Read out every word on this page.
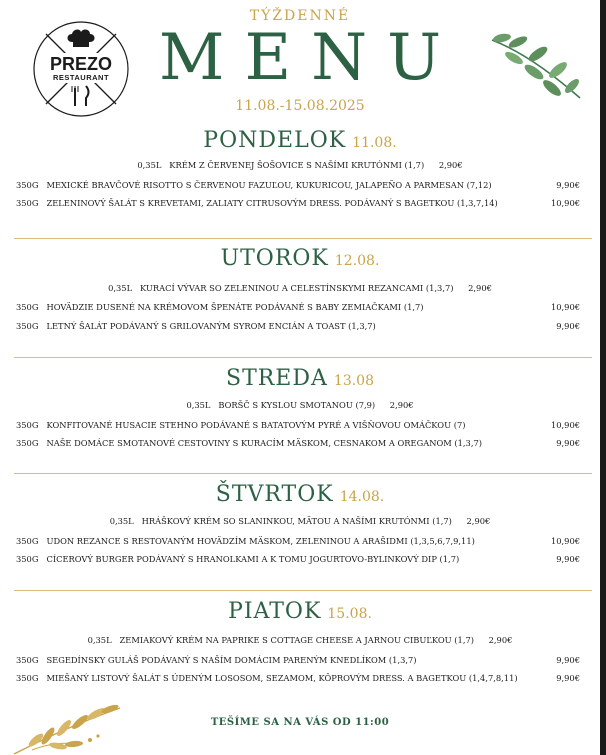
PREZO
RESTAURANT
TÝŽDENNÉ
MENU
11.08.-15.08.2025
PONDELOK 11.08.
0,35L KRÉM Z ČERVENEJ ŠOŠOVICE S NAŠÍMI KRUTÓNMI (1,7) 2,90€
350G MEXICKÉ BRAVČOVÉ RISOTTO S ČERVENOU FAZUĽOU, KUKURICOU, JALAPEÑO A PARMESAN (7,12)	9,90€
350G ZELENINOVÝ ŠALÁT S KREVETAMI, ZALIATY CITRUSOVÝM DRESS. PODÁVANÝ S BAGETKOU (1,3,7,14)	10,90€
UTOROK 12.08.
0,35L KURACÍ VÝVAR SO ZELENINOU A CELESTÍNSKYMI REZANCAMI (1,3,7) 2,90€
350G HOVÄDZIE DUSENÉ NA KRÉMOVOM ŠPENÁTE PODÁVANÉ S BABY ZEMIAČKAMI (1,7)	10,90€
350G LETNÝ ŠALÁT PODÁVANÝ S GRILOVANÝM SYROM ENCIÁN A TOAST (1,3,7)	9,90€
STREDA 13.08
0,35L BORŠČ S KYSLOU SMOTANOU (7,9) 2,90€
350G KONFITOVANÉ HUSACIE STEHNO PODÁVANÉ S BATATOVÝM PYRÉ A VIŠŇOVOU OMÁČKOU (7)	10,90€
350G NAŠE DOMÁCE SMOTANOVÉ CESTOVINY S KURACÍM MÄSKOM, CESNAKOM A OREGANOM (1,3,7)	9,90€
ŠTVRTOK 14.08.
0,35L HRÁŠKOVÝ KRÉM SO SLANINKOU, MÄTOU A NAŠÍMI KRUTÓNMI (1,7) 2,90€
350G UDON REZANCE S RESTOVANÝM HOVÄDZÍM MÄSKOM, ZELENINOU A ARAŠIDMI (1,3,5,6,7,9,11)	10,90€
350G CÍCEROVÝ BURGER PODÁVANÝ S HRANOLKAMI A K TOMU JOGURTOVO-BYLINKOVÝ DIP (1,7)	9,90€
PIATOK 15.08.
0,35L ZEMIAKOVÝ KRÉM NA PAPRIKE S COTTAGE CHEESE A JARNOU CIBUĽKOU (1,7) 2,90€
350G SEGEDÍNSKY GULÁŠ PODÁVANÝ S NAŠÍM DOMÁCIM PARENÝM KNEDLÍKOM (1,3,7)	9,90€
350G MIEŠANÝ LISTOVÝ ŠALÁT S ÚDENÝM LOSOSOM, SEZAMOM, KÔPROVÝM DRESS. A BAGETKOU (1,4,7,8,11)	9,90€
TEŠÍME SA NA VÁS OD 11:00
